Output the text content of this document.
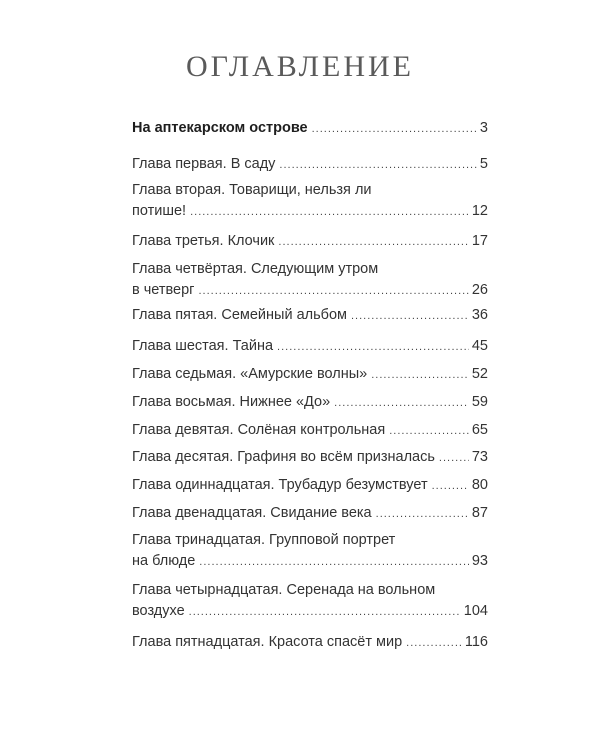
ОГЛАВЛЕНИЕ
На аптекарском острове .....	3
Глава первая. В саду .....	5
Глава вторая. Товарищи, нельзя ли
потише! .....	12
Глава третья. Клочик .....	17
Глава четвёртая. Следующим утром
в четверг .....	26
Глава пятая. Семейный альбом .....	36
Глава шестая. Тайна .....	45
Глава седьмая. «Амурские волны» .....	52
Глава восьмая. Нижнее «До» .....	59
Глава девятая. Солёная контрольная .....	65
Глава десятая. Графиня во всём призналась .....	73
Глава одиннадцатая. Трубадур безумствует .....	80
Глава двенадцатая. Свидание века .....	87
Глава тринадцатая. Групповой портрет
на блюде .....	93
Глава четырнадцатая. Серенада на вольном
воздухе .....	104
Глава пятнадцатая. Красота спасёт мир .....	116
